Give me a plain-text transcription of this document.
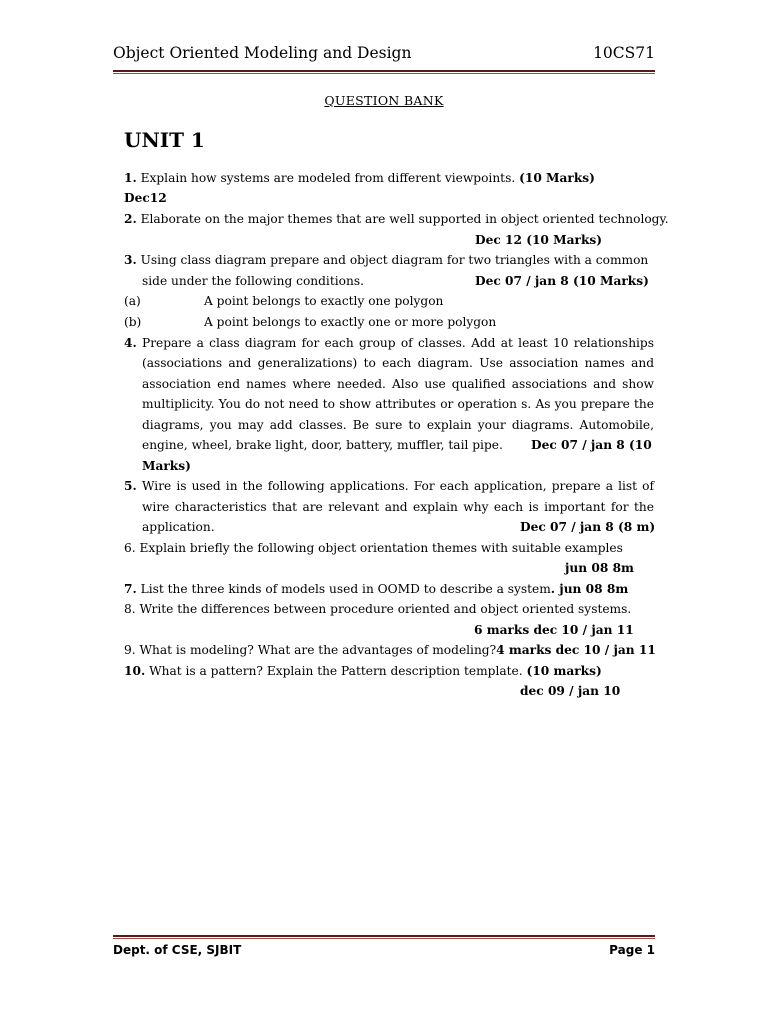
Object Oriented Modeling and Design	10CS71
QUESTION BANK
UNIT 1
1. Explain how systems are modeled from different viewpoints. (10 Marks)
Dec12
2. Elaborate on the major themes that are well supported in object oriented technology.
Dec 12 (10 Marks)
3. Using class diagram prepare and object diagram for two triangles with a common
side under the following conditions.	Dec 07 / jan 8 (10 Marks)
(a)	A point belongs to exactly one polygon
(b)	A point belongs to exactly one or more polygon
4. Prepare a class diagram for each group of classes. Add at least 10 relationships
(associations and generalizations) to each diagram. Use association names and
association end names where needed. Also use qualified associations and show
multiplicity. You do not need to show attributes or operation s. As you prepare the
diagrams, you may add classes. Be sure to explain your diagrams. Automobile,
engine, wheel, brake light, door, battery, muffler, tail pipe. Dec 07 / jan 8 (10
Marks)
5. Wire is used in the following applications. For each application, prepare a list of
wire characteristics that are relevant and explain why each is important for the
application.	Dec 07 / jan 8 (8 m)
6. Explain briefly the following object orientation themes with suitable examples
jun 08 8m
7. List the three kinds of models used in OOMD to describe a system. jun 08 8m
8. Write the differences between procedure oriented and object oriented systems.
6 marks dec 10 / jan 11
9. What is modeling? What are the advantages of modeling?4 marks dec 10 / jan 11
10. What is a pattern? Explain the Pattern description template. (10 marks)
dec 09 / jan 10
Dept. of CSE, SJBIT	Page 1
